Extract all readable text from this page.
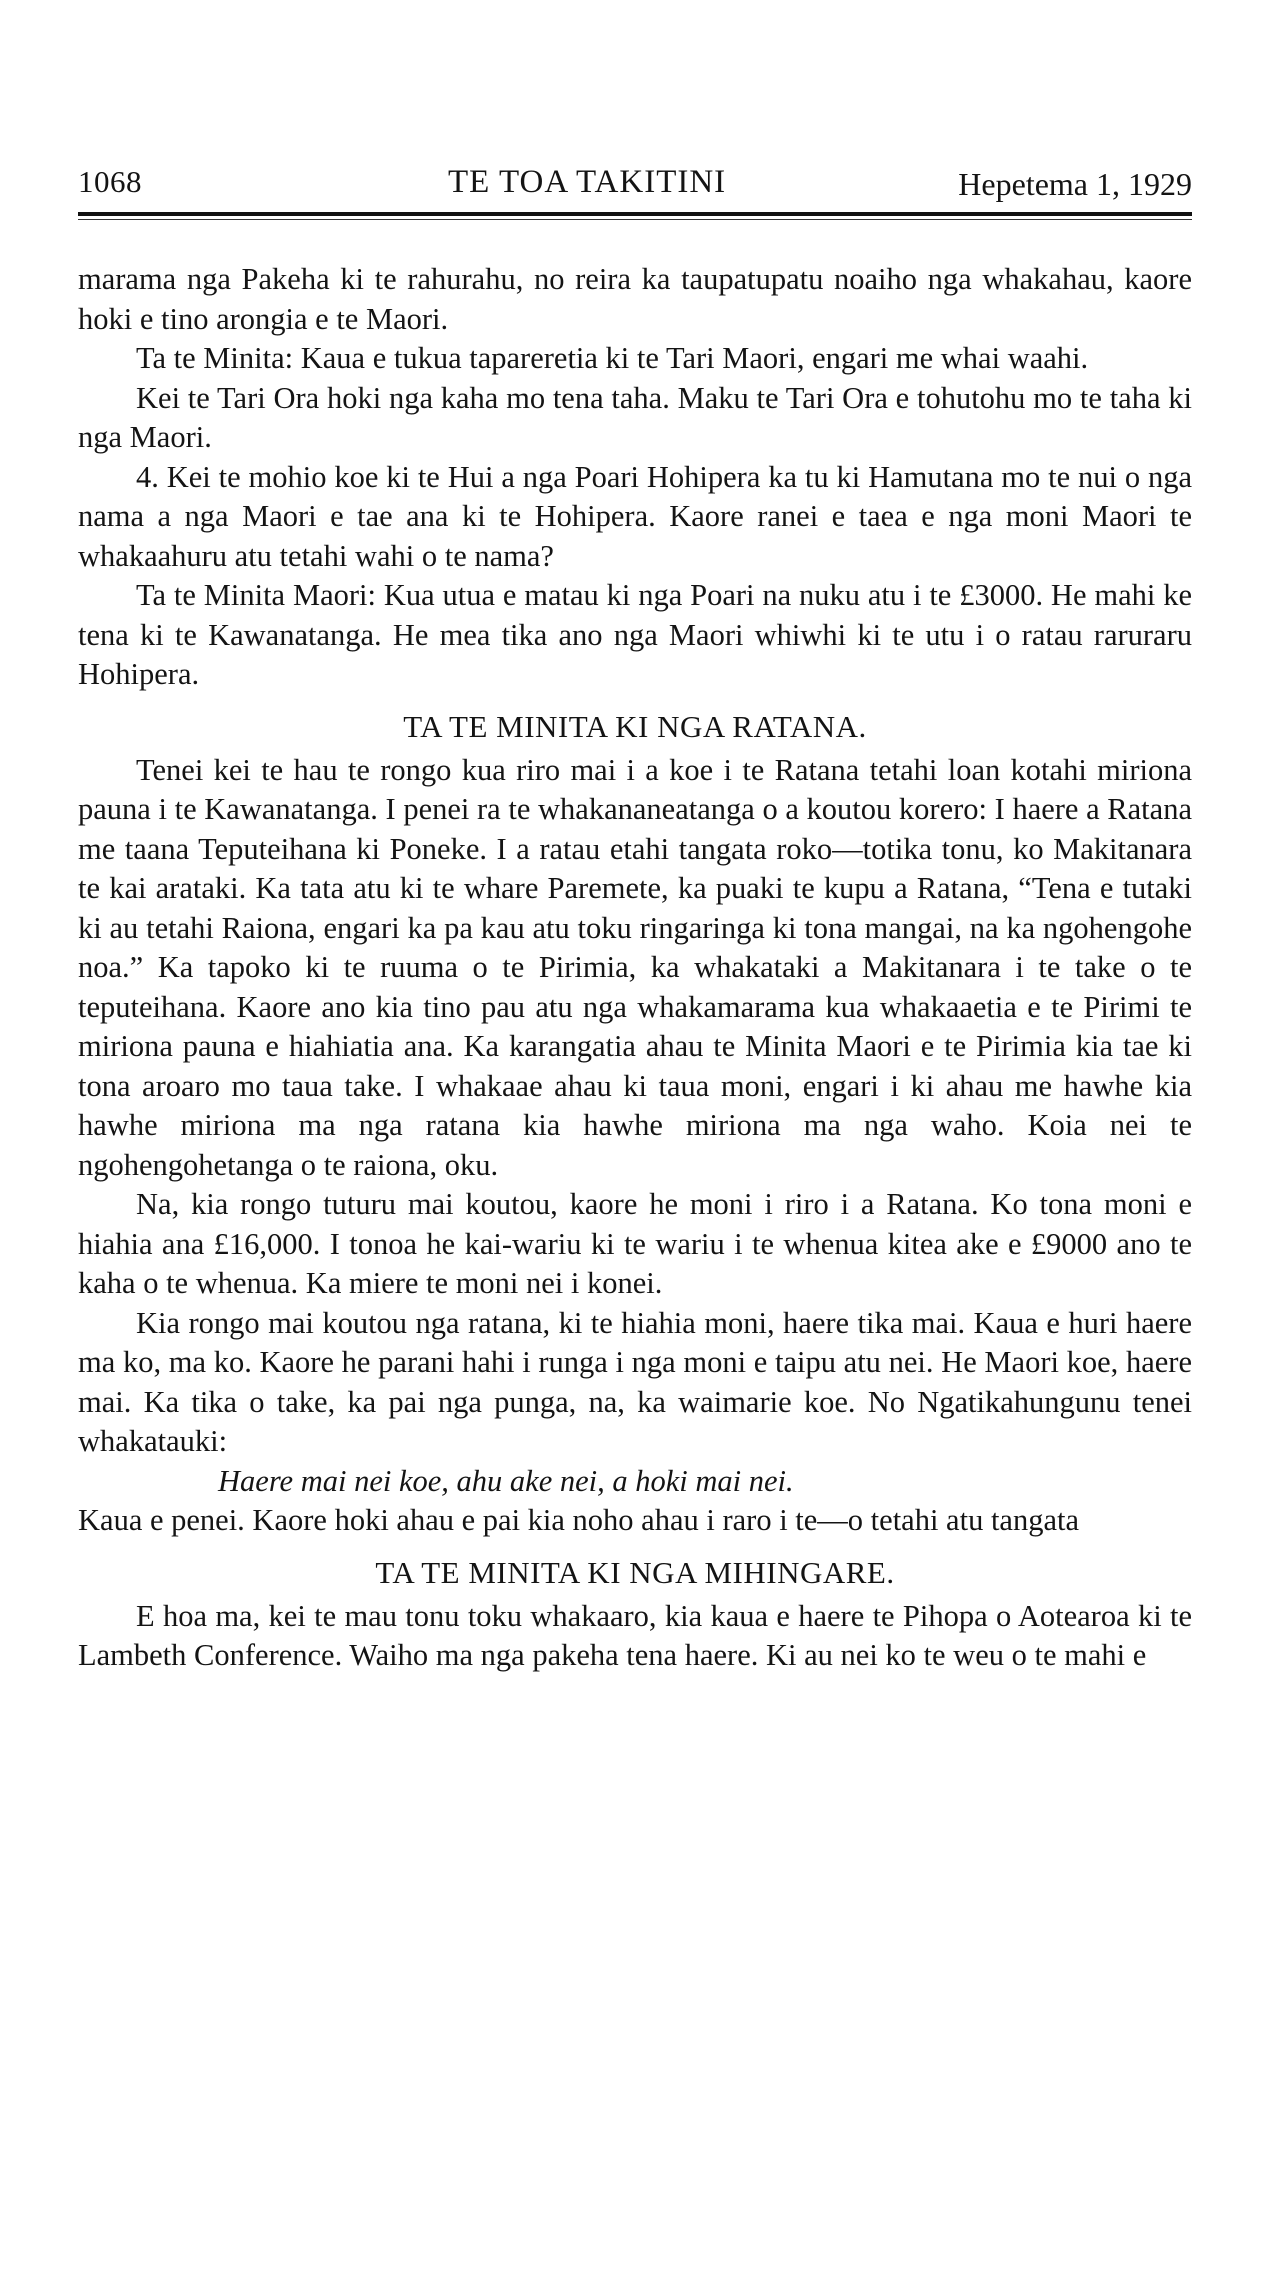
1068	TE TOA TAKITINI	Hepetema 1, 1929

marama nga Pakeha ki te rahurahu, no reira ka taupatupatu noaiho nga whakahau, kaore hoki e tino arongia e te Maori.

Ta te Minita: Kaua e tukua tapareretia ki te Tari Maori, engari me whai waahi.

Kei te Tari Ora hoki nga kaha mo tena taha. Maku te Tari Ora e tohutohu mo te taha ki nga Maori.

4. Kei te mohio koe ki te Hui a nga Poari Hohipera ka tu ki Hamutana mo te nui o nga nama a nga Maori e tae ana ki te Hohipera. Kaore ranei e taea e nga moni Maori te whakaahuru atu tetahi wahi o te nama?

Ta te Minita Maori: Kua utua e matau ki nga Poari na nuku atu i te £3000. He mahi ke tena ki te Kawanatanga. He mea tika ano nga Maori whiwhi ki te utu i o ratau raruraru Hohipera.

TA TE MINITA KI NGA RATANA.

Tenei kei te hau te rongo kua riro mai i a koe i te Ratana tetahi loan kotahi miriona pauna i te Kawanatanga. I penei ra te whakananeatanga o a koutou korero: I haere a Ratana me taana Teputeihana ki Poneke. I a ratau etahi tangata roko—totika tonu, ko Makitanara te kai arataki. Ka tata atu ki te whare Paremete, ka puaki te kupu a Ratana, “Tena e tutaki ki au tetahi Raiona, engari ka pa kau atu toku ringaringa ki tona mangai, na ka ngohengohe noa.” Ka tapoko ki te ruuma o te Pirimia, ka whakataki a Makitanara i te take o te teputeihana. Kaore ano kia tino pau atu nga whakamarama kua whakaaetia e te Pirimi te miriona pauna e hiahiatia ana. Ka karangatia ahau te Minita Maori e te Pirimia kia tae ki tona aroaro mo taua take. I whakaae ahau ki taua moni, engari i ki ahau me hawhe kia hawhe miriona ma nga ratana kia hawhe miriona ma nga waho. Koia nei te ngohengohetanga o te raiona, oku.

Na, kia rongo tuturu mai koutou, kaore he moni i riro i a Ratana. Ko tona moni e hiahia ana £16,000. I tonoa he kai-wariu ki te wariu i te whenua kitea ake e £9000 ano te kaha o te whenua. Ka miere te moni nei i konei.

Kia rongo mai koutou nga ratana, ki te hiahia moni, haere tika mai. Kaua e huri haere ma ko, ma ko. Kaore he parani hahi i runga i nga moni e taipu atu nei. He Maori koe, haere mai. Ka tika o take, ka pai nga punga, na, ka waimarie koe. No Ngatikahungunu tenei whakatauki:

Haere mai nei koe, ahu ake nei, a hoki mai nei.

Kaua e penei. Kaore hoki ahau e pai kia noho ahau i raro i te—o tetahi atu tangata

TA TE MINITA KI NGA MIHINGARE.

E hoa ma, kei te mau tonu toku whakaaro, kia kaua e haere te Pihopa o Aotearoa ki te Lambeth Conference. Waiho ma nga pakeha tena haere. Ki au nei ko te weu o te mahi e
